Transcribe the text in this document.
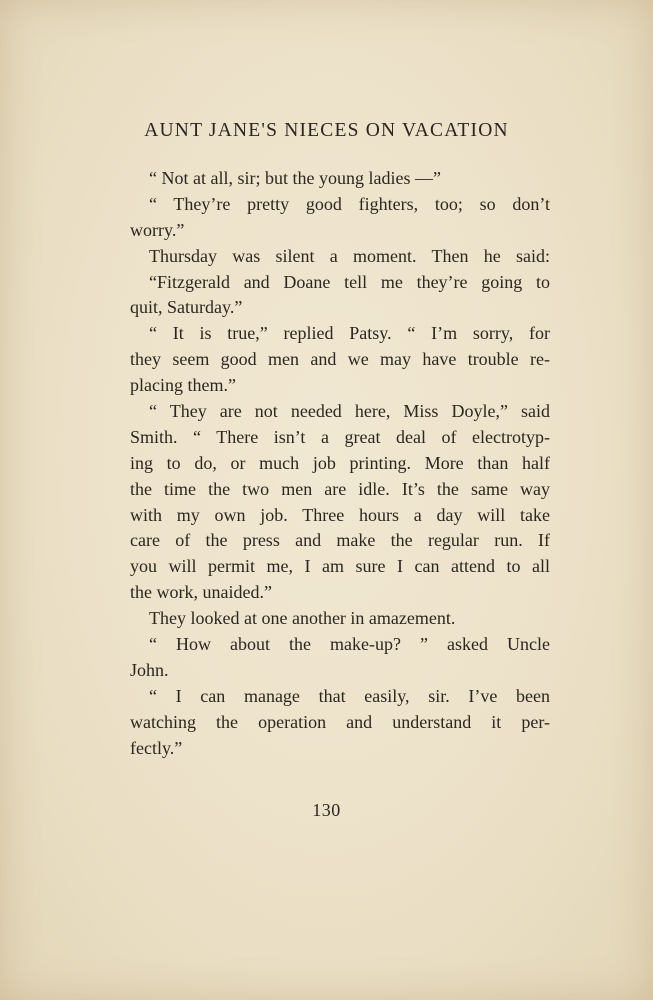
AUNT JANE'S NIECES ON VACATION
“ Not at all, sir; but the young ladies —”
“ They’re pretty good fighters, too; so don’t
worry.”
Thursday was silent a moment. Then he said:
“Fitzgerald and Doane tell me they’re going to
quit, Saturday.”
“ It is true,” replied Patsy. “ I’m sorry, for
they seem good men and we may have trouble re-
placing them.”
“ They are not needed here, Miss Doyle,” said
Smith. “ There isn’t a great deal of electrotyp-
ing to do, or much job printing. More than half
the time the two men are idle. It’s the same way
with my own job. Three hours a day will take
care of the press and make the regular run. If
you will permit me, I am sure I can attend to all
the work, unaided.”
They looked at one another in amazement.
“ How about the make-up? ” asked Uncle
John.
“ I can manage that easily, sir. I’ve been
watching the operation and understand it per-
fectly.”
130
